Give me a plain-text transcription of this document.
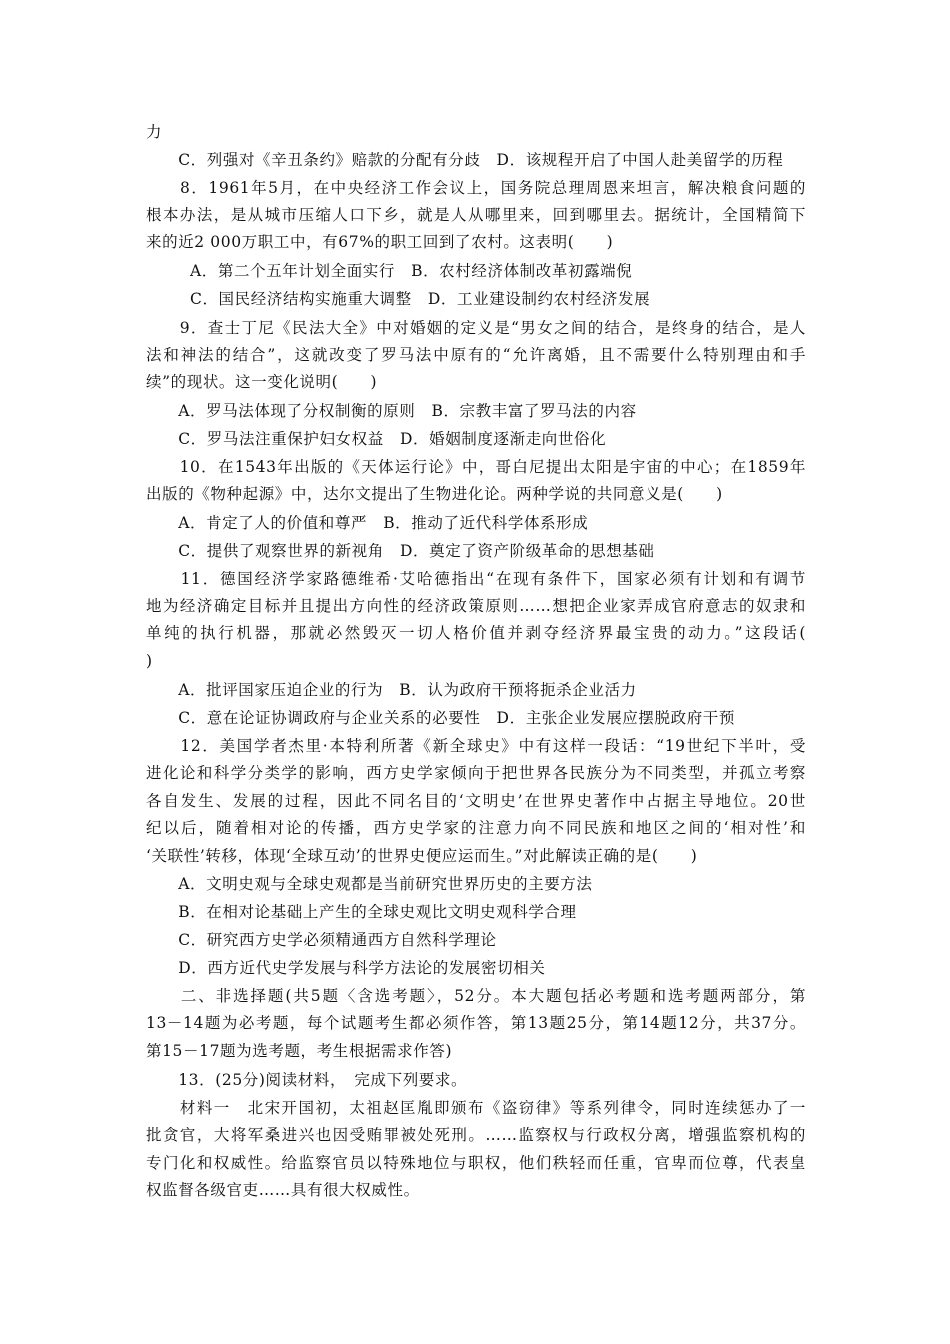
力
　　C．列强对《辛丑条约》赔款的分配有分歧　D．该规程开启了中国人赴美留学的历程
　　8．1961年5月，在中央经济工作会议上，国务院总理周恩来坦言，解决粮食问题的
根本办法，是从城市压缩人口下乡，就是人从哪里来，回到哪里去。据统计，全国精简下
来的近2 000万职工中，有67%的职工回到了农村。这表明(　　)
A．第二个五年计划全面实行　B．农村经济体制改革初露端倪
C．国民经济结构实施重大调整　D．工业建设制约农村经济发展
　　9．查士丁尼《民法大全》中对婚姻的定义是“男女之间的结合，是终身的结合，是人
法和神法的结合”，这就改变了罗马法中原有的“允许离婚，且不需要什么特别理由和手
续”的现状。这一变化说明(　　)
　　A．罗马法体现了分权制衡的原则　B．宗教丰富了罗马法的内容
　　C．罗马法注重保护妇女权益　D．婚姻制度逐渐走向世俗化
　　10．在1543年出版的《天体运行论》中，哥白尼提出太阳是宇宙的中心；在1859年
出版的《物种起源》中，达尔文提出了生物进化论。两种学说的共同意义是(　　)
　　A．肯定了人的价值和尊严　B．推动了近代科学体系形成
　　C．提供了观察世界的新视角　D．奠定了资产阶级革命的思想基础
　　11．德国经济学家路德维希·艾哈德指出“在现有条件下，国家必须有计划和有调节
地为经济确定目标并且提出方向性的经济政策原则……想把企业家弄成官府意志的奴隶和
单纯的执行机器，那就必然毁灭一切人格价值并剥夺经济界最宝贵的动力。”这段话(
)
　　A．批评国家压迫企业的行为　B．认为政府干预将扼杀企业活力
　　C．意在论证协调政府与企业关系的必要性　D．主张企业发展应摆脱政府干预
　　12．美国学者杰里·本特利所著《新全球史》中有这样一段话：“19世纪下半叶，受
进化论和科学分类学的影响，西方史学家倾向于把世界各民族分为不同类型，并孤立考察
各自发生、发展的过程，因此不同名目的‘文明史’在世界史著作中占据主导地位。20世
纪以后，随着相对论的传播，西方史学家的注意力向不同民族和地区之间的‘相对性’和
‘关联性’转移，体现‘全球互动’的世界史便应运而生。”对此解读正确的是(　　)
　　A．文明史观与全球史观都是当前研究世界历史的主要方法
　　B．在相对论基础上产生的全球史观比文明史观科学合理
　　C．研究西方史学必须精通西方自然科学理论
　　D．西方近代史学发展与科学方法论的发展密切相关
　　二、非选择题(共5题〈含选考题〉，52分。本大题包括必考题和选考题两部分，第
13－14题为必考题，每个试题考生都必须作答，第13题25分，第14题12分，共37分。
第15－17题为选考题，考生根据需求作答)
　　13．(25分)阅读材料，　完成下列要求。
　　材料一　北宋开国初，太祖赵匡胤即颁布《盗窃律》等系列律令，同时连续惩办了一
批贪官，大将军桑进兴也因受贿罪被处死刑。……监察权与行政权分离，增强监察机构的
专门化和权威性。给监察官员以特殊地位与职权，他们秩轻而任重，官卑而位尊，代表皇
权监督各级官吏……具有很大权威性。
